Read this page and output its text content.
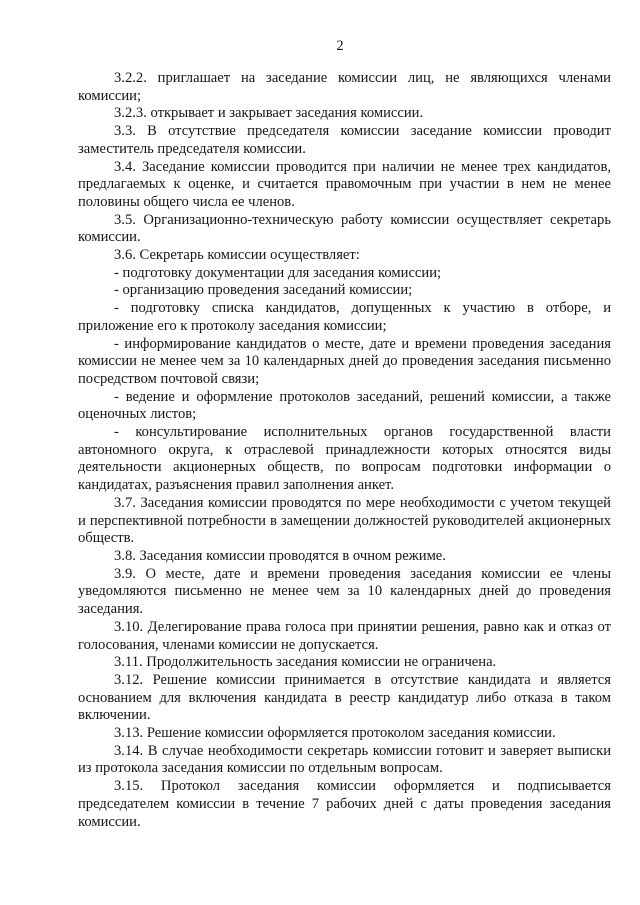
2

3.2.2. приглашает на заседание комиссии лиц, не являющихся членами комиссии;

3.2.3. открывает и закрывает заседания комиссии.

3.3. В отсутствие председателя комиссии заседание комиссии проводит заместитель председателя комиссии.

3.4. Заседание комиссии проводится при наличии не менее трех кандидатов, предлагаемых к оценке, и считается правомочным при участии в нем не менее половины общего числа ее членов.

3.5. Организационно-техническую работу комиссии осуществляет секретарь комиссии.

3.6. Секретарь комиссии осуществляет:

- подготовку документации для заседания комиссии;

- организацию проведения заседаний комиссии;

- подготовку списка кандидатов, допущенных к участию в отборе, и приложение его к протоколу заседания комиссии;

- информирование кандидатов о месте, дате и времени проведения заседания комиссии не менее чем за 10 календарных дней до проведения заседания письменно посредством почтовой связи;

- ведение и оформление протоколов заседаний, решений комиссии, а также оценочных листов;

- консультирование исполнительных органов государственной власти автономного округа, к отраслевой принадлежности которых относятся виды деятельности акционерных обществ, по вопросам подготовки информации о кандидатах, разъяснения правил заполнения анкет.

3.7. Заседания комиссии проводятся по мере необходимости с учетом текущей и перспективной потребности в замещении должностей руководителей акционерных обществ.

3.8. Заседания комиссии проводятся в очном режиме.

3.9. О месте, дате и времени проведения заседания комиссии ее члены уведомляются письменно не менее чем за 10 календарных дней до проведения заседания.

3.10. Делегирование права голоса при принятии решения, равно как и отказ от голосования, членами комиссии не допускается.

3.11. Продолжительность заседания комиссии не ограничена.

3.12. Решение комиссии принимается в отсутствие кандидата и является основанием для включения кандидата в реестр кандидатур либо отказа в таком включении.

3.13. Решение комиссии оформляется протоколом заседания комиссии.

3.14. В случае необходимости секретарь комиссии готовит и заверяет выписки из протокола заседания комиссии по отдельным вопросам.

3.15. Протокол заседания комиссии оформляется и подписывается председателем комиссии в течение 7 рабочих дней с даты проведения заседания комиссии.
